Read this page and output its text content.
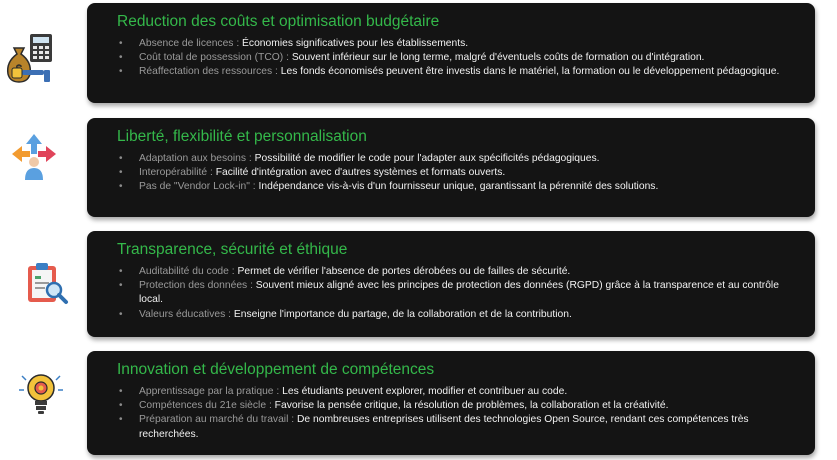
Reduction des coûts et optimisation budgétaire
• Absence de licences : Économies significatives pour les établissements.
• Coût total de possession (TCO) : Souvent inférieur sur le long terme, malgré d'éventuels coûts de formation ou d'intégration.
• Réaffectation des ressources : Les fonds économisés peuvent être investis dans le matériel, la formation ou le développement pédagogique.
Liberté, flexibilité et personnalisation
• Adaptation aux besoins : Possibilité de modifier le code pour l'adapter aux spécificités pédagogiques.
• Interopérabilité : Facilité d'intégration avec d'autres systèmes et formats ouverts.
• Pas de "Vendor Lock-in" : Indépendance vis-à-vis d'un fournisseur unique, garantissant la pérennité des solutions.
Transparence, sécurité et éthique
• Auditabilité du code : Permet de vérifier l'absence de portes dérobées ou de failles de sécurité.
• Protection des données : Souvent mieux aligné avec les principes de protection des données (RGPD) grâce à la transparence et au contrôle local.
• Valeurs éducatives : Enseigne l'importance du partage, de la collaboration et de la contribution.
Innovation et développement de compétences
• Apprentissage par la pratique : Les étudiants peuvent explorer, modifier et contribuer au code.
• Compétences du 21e siècle : Favorise la pensée critique, la résolution de problèmes, la collaboration et la créativité.
• Préparation au marché du travail : De nombreuses entreprises utilisent des technologies Open Source, rendant ces compétences très recherchées.
